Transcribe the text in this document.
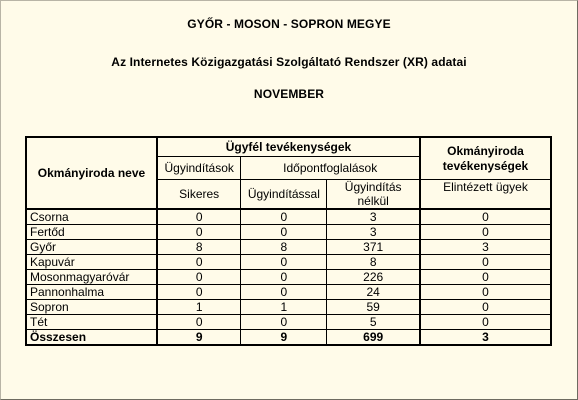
GYŐR - MOSON - SOPRON MEGYE
Az Internetes Közigazgatási Szolgáltató Rendszer (XR) adatai
NOVEMBER
Okmányiroda neve	Ügyfél tevékenységek			Okmányiroda tevékenységek
	Ügyindítások	Időpontfoglalások		
	Sikeres	Ügyindítással	Ügyindítás nélkül	Elintézett ügyek
Csorna	0	0	3	0
Fertőd	0	0	3	0
Győr	8	8	371	3
Kapuvár	0	0	8	0
Mosonmagyaróvár	0	0	226	0
Pannonhalma	0	0	24	0
Sopron	1	1	59	0
Tét	0	0	5	0
Összesen	9	9	699	3
